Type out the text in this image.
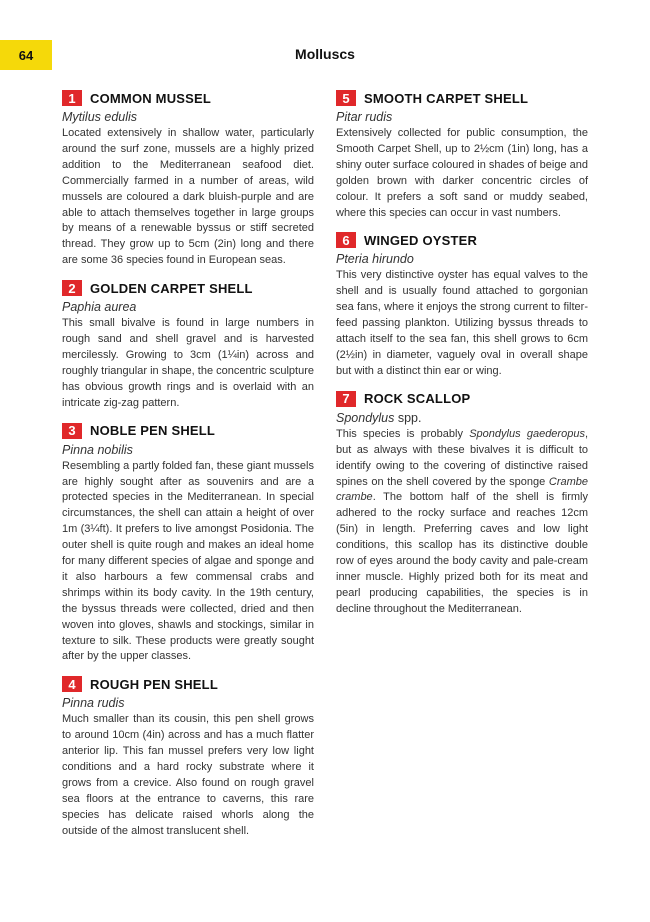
64	Molluscs
1	COMMON MUSSEL
Mytilus edulis

Located extensively in shallow water, particularly around the surf zone, mussels are a highly prized addition to the Mediterranean seafood diet. Commercially farmed in a number of areas, wild mussels are coloured a dark bluish-purple and are able to attach themselves together in large groups by means of a renewable byssus or stiff secreted thread. They grow up to 5cm (2in) long and there are some 36 species found in European seas.

2	GOLDEN CARPET SHELL
Paphia aurea

This small bivalve is found in large numbers in rough sand and shell gravel and is harvested mercilessly. Growing to 3cm (1¼in) across and roughly triangular in shape, the concentric sculpture has obvious growth rings and is overlaid with an intricate zig-zag pattern.

3	NOBLE PEN SHELL
Pinna nobilis

Resembling a partly folded fan, these giant mussels are highly sought after as souvenirs and are a protected species in the Mediterranean. In special circumstances, the shell can attain a height of over 1m (3¼ft). It prefers to live amongst Posidonia. The outer shell is quite rough and makes an ideal home for many different species of algae and sponge and it also harbours a few commensal crabs and shrimps within its body cavity. In the 19th century, the byssus threads were collected, dried and then woven into gloves, shawls and stockings, similar in texture to silk. These products were greatly sought after by the upper classes.

4	ROUGH PEN SHELL
Pinna rudis

Much smaller than its cousin, this pen shell grows to around 10cm (4in) across and has a much flatter anterior lip. This fan mussel prefers very low light conditions and a hard rocky substrate where it grows from a crevice. Also found on rough gravel sea floors at the entrance to caverns, this rare species has delicate raised whorls along the outside of the almost translucent shell.

5	SMOOTH CARPET SHELL
Pitar rudis

Extensively collected for public consumption, the Smooth Carpet Shell, up to 2½cm (1in) long, has a shiny outer surface coloured in shades of beige and golden brown with darker concentric circles of colour. It prefers a soft sand or muddy seabed, where this species can occur in vast numbers.

6	WINGED OYSTER
Pteria hirundo

This very distinctive oyster has equal valves to the shell and is usually found attached to gorgonian sea fans, where it enjoys the strong current to filter-feed passing plankton. Utilizing byssus threads to attach itself to the sea fan, this shell grows to 6cm (2½in) in diameter, vaguely oval in overall shape but with a distinct thin ear or wing.

7	ROCK SCALLOP
Spondylus spp.

This species is probably Spondylus gaederopus, but as always with these bivalves it is difficult to identify owing to the covering of distinctive raised spines on the shell covered by the sponge Crambe crambe. The bottom half of the shell is firmly adhered to the rocky surface and reaches 12cm (5in) in length. Preferring caves and low light conditions, this scallop has its distinctive double row of eyes around the body cavity and pale-cream inner muscle. Highly prized both for its meat and pearl producing capabilities, the species is in decline throughout the Mediterranean.
